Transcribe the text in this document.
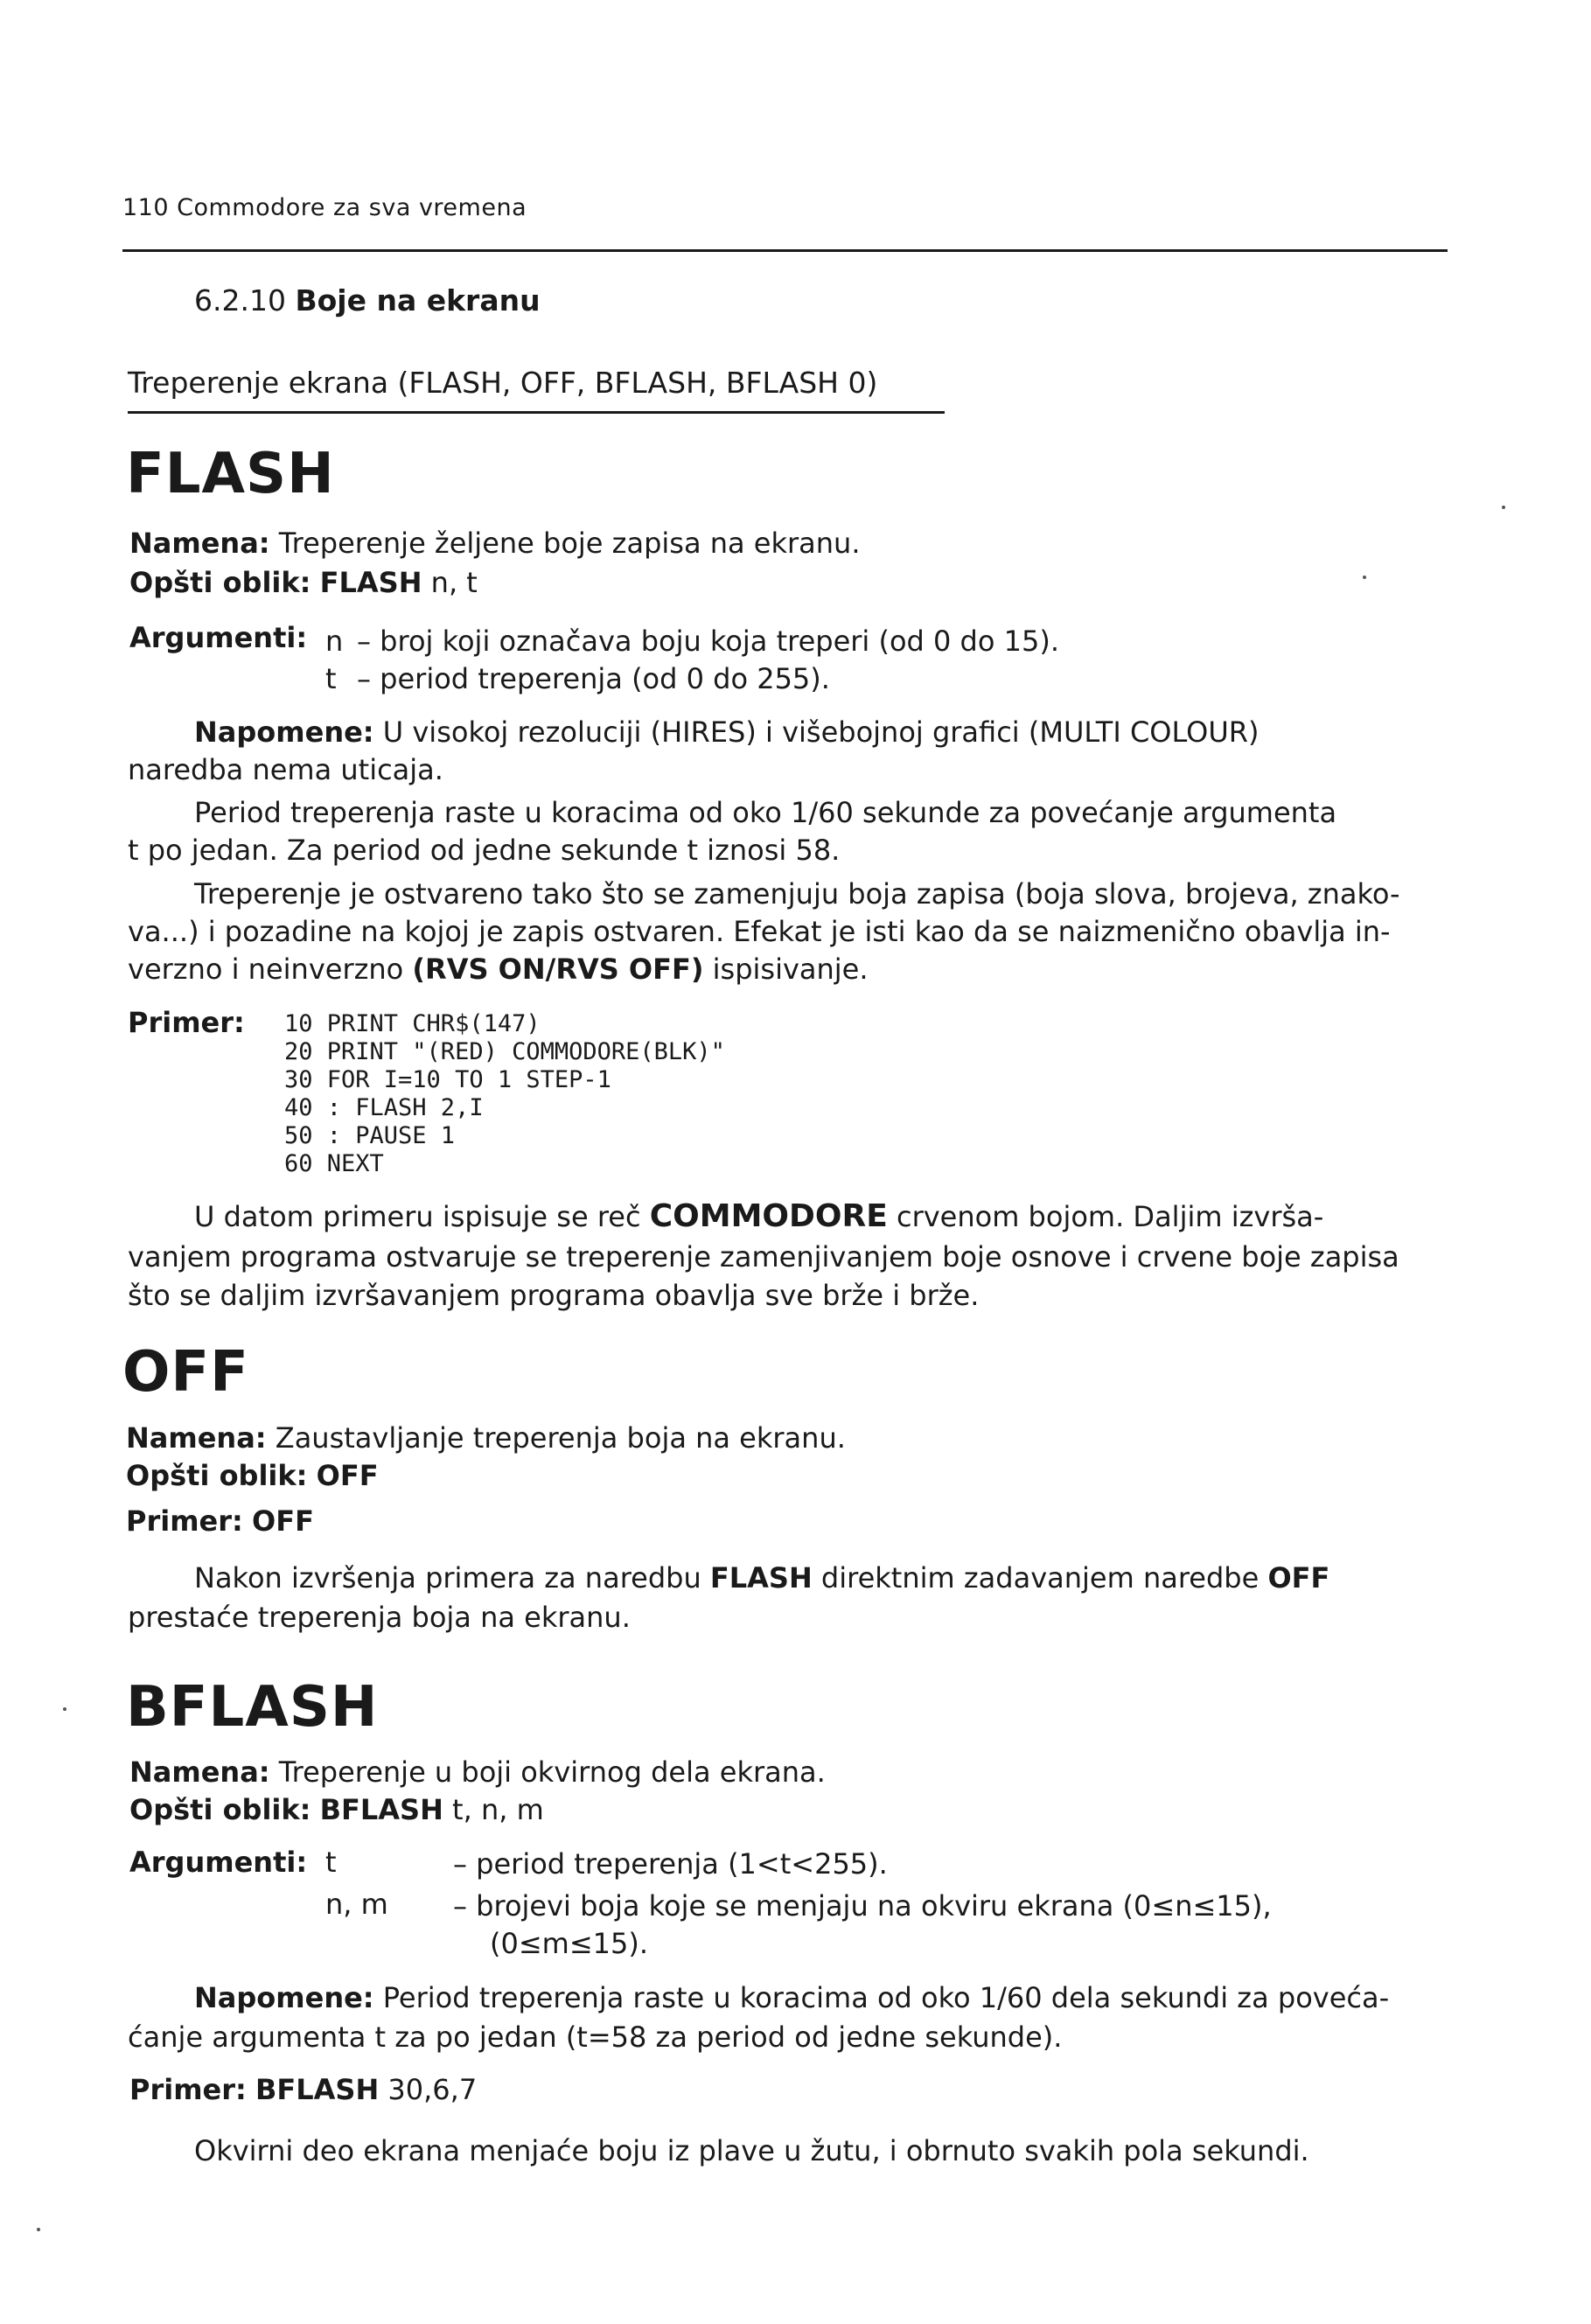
110 Commodore za sva vremena
6.2.10 Boje na ekranu
Treperenje ekrana (FLASH, OFF, BFLASH, BFLASH 0)
FLASH
Namena: Treperenje željene boje zapisa na ekranu.
Opšti oblik: FLASH n, t
Argumenti: n – broj koji označava boju koja treperi (od 0 do 15).
t – period treperenja (od 0 do 255).
Napomene: U visokoj rezoluciji (HIRES) i višebojnoj grafici (MULTI COLOUR)
naredba nema uticaja.
Period treperenja raste u koracima od oko 1/60 sekunde za povećanje argumenta
t po jedan. Za period od jedne sekunde t iznosi 58.
Treperenje je ostvareno tako što se zamenjuju boja zapisa (boja slova, brojeva, znako-
va...) i pozadine na kojoj je zapis ostvaren. Efekat je isti kao da se naizmenično obavlja in-
verzno i neinverzno (RVS ON/RVS OFF) ispisivanje.
Primer: 10 PRINT CHR$(147)
20 PRINT "(RED) COMMODORE(BLK)"
30 FOR I=10 TO 1 STEP-1
40 : FLASH 2,I
50 : PAUSE 1
60 NEXT
U datom primeru ispisuje se reč COMMODORE crvenom bojom. Daljim izvrša-
vanjem programa ostvaruje se treperenje zamenjivanjem boje osnove i crvene boje zapisa
što se daljim izvršavanjem programa obavlja sve brže i brže.
OFF
Namena: Zaustavljanje treperenja boja na ekranu.
Opšti oblik: OFF
Primer: OFF
Nakon izvršenja primera za naredbu FLASH direktnim zadavanjem naredbe OFF
prestaće treperenja boja na ekranu.
BFLASH
Namena: Treperenje u boji okvirnog dela ekrana.
Opšti oblik: BFLASH t, n, m
Argumenti: t	– period treperenja (1<t<255).
n, m – brojevi boja koje se menjaju na okviru ekrana (0≤n≤15),
(0≤m≤15).
Napomene: Period treperenja raste u koracima od oko 1/60 dela sekundi za poveća-
ćanje argumenta t za po jedan (t=58 za period od jedne sekunde).
Primer: BFLASH 30,6,7
Okvirni deo ekrana menjaće boju iz plave u žutu, i obrnuto svakih pola sekundi.
